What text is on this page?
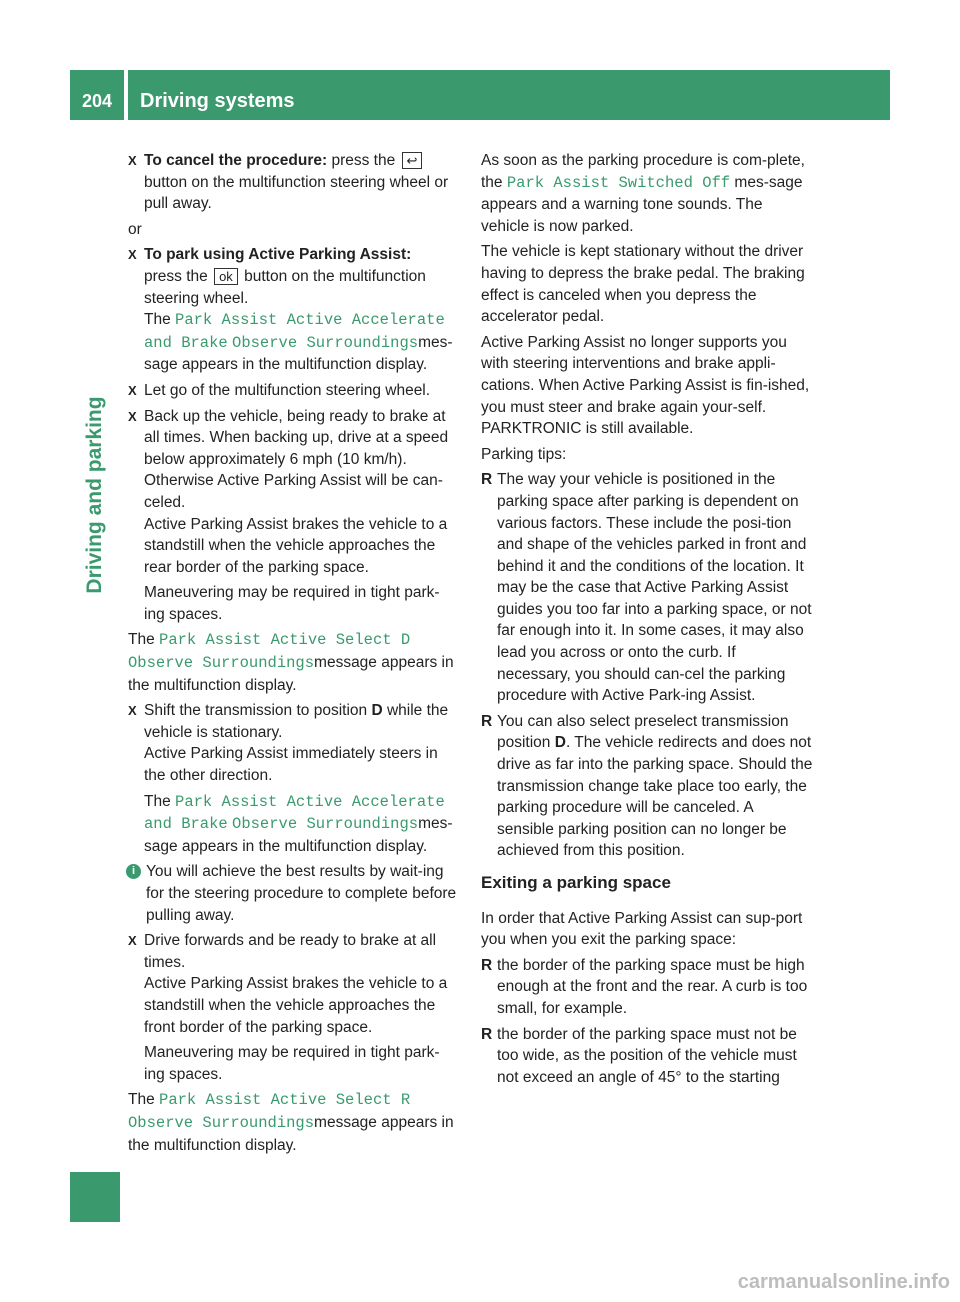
204	Driving systems
Driving and parking
X To cancel the procedure: press the ↩ button on the multifunction steering wheel or pull away.

or

X To park using Active Parking Assist:
press the ok button on the multifunction steering wheel.
The Park Assist Active Accelerate and Brake Observe Surroundingsmes-sage appears in the multifunction display.
X Let go of the multifunction steering wheel.
X Back up the vehicle, being ready to brake at all times. When backing up, drive at a speed below approximately 6 mph (10 km/h). Otherwise Active Parking Assist will be can-celed.
Active Parking Assist brakes the vehicle to a standstill when the vehicle approaches the rear border of the parking space.
Maneuvering may be required in tight park-ing spaces.

The Park Assist Active Select D
Observe Surroundingsmessage appears in the multifunction display.

X Shift the transmission to position D while the vehicle is stationary.
Active Parking Assist immediately steers in the other direction.
The Park Assist Active Accelerate and Brake Observe Surroundingsmes-sage appears in the multifunction display.
i You will achieve the best results by wait-ing for the steering procedure to complete before pulling away.
X Drive forwards and be ready to brake at all times.
Active Parking Assist brakes the vehicle to a standstill when the vehicle approaches the front border of the parking space.
Maneuvering may be required in tight park-ing spaces.

The Park Assist Active Select R
Observe Surroundingsmessage appears in the multifunction display.

As soon as the parking procedure is com-plete, the Park Assist Switched Off mes-sage appears and a warning tone sounds. The vehicle is now parked.

The vehicle is kept stationary without the driver having to depress the brake pedal. The braking effect is canceled when you depress the accelerator pedal.

Active Parking Assist no longer supports you with steering interventions and brake appli-cations. When Active Parking Assist is fin-ished, you must steer and brake again your-self. PARKTRONIC is still available.

Parking tips:

R The way your vehicle is positioned in the parking space after parking is dependent on various factors. These include the posi-tion and shape of the vehicles parked in front and behind it and the conditions of the location. It may be the case that Active Parking Assist guides you too far into a parking space, or not far enough into it. In some cases, it may also lead you across or onto the curb. If necessary, you should can-cel the parking procedure with Active Park-ing Assist.
R You can also select preselect transmission position D. The vehicle redirects and does not drive as far into the parking space. Should the transmission change take place too early, the parking procedure will be canceled. A sensible parking position can no longer be achieved from this position.
Exiting a parking space

In order that Active Parking Assist can sup-port you when you exit the parking space:

R the border of the parking space must be high enough at the front and the rear. A curb is too small, for example.
R the border of the parking space must not be too wide, as the position of the vehicle must not exceed an angle of 45° to the starting
carmanualsonline.info
